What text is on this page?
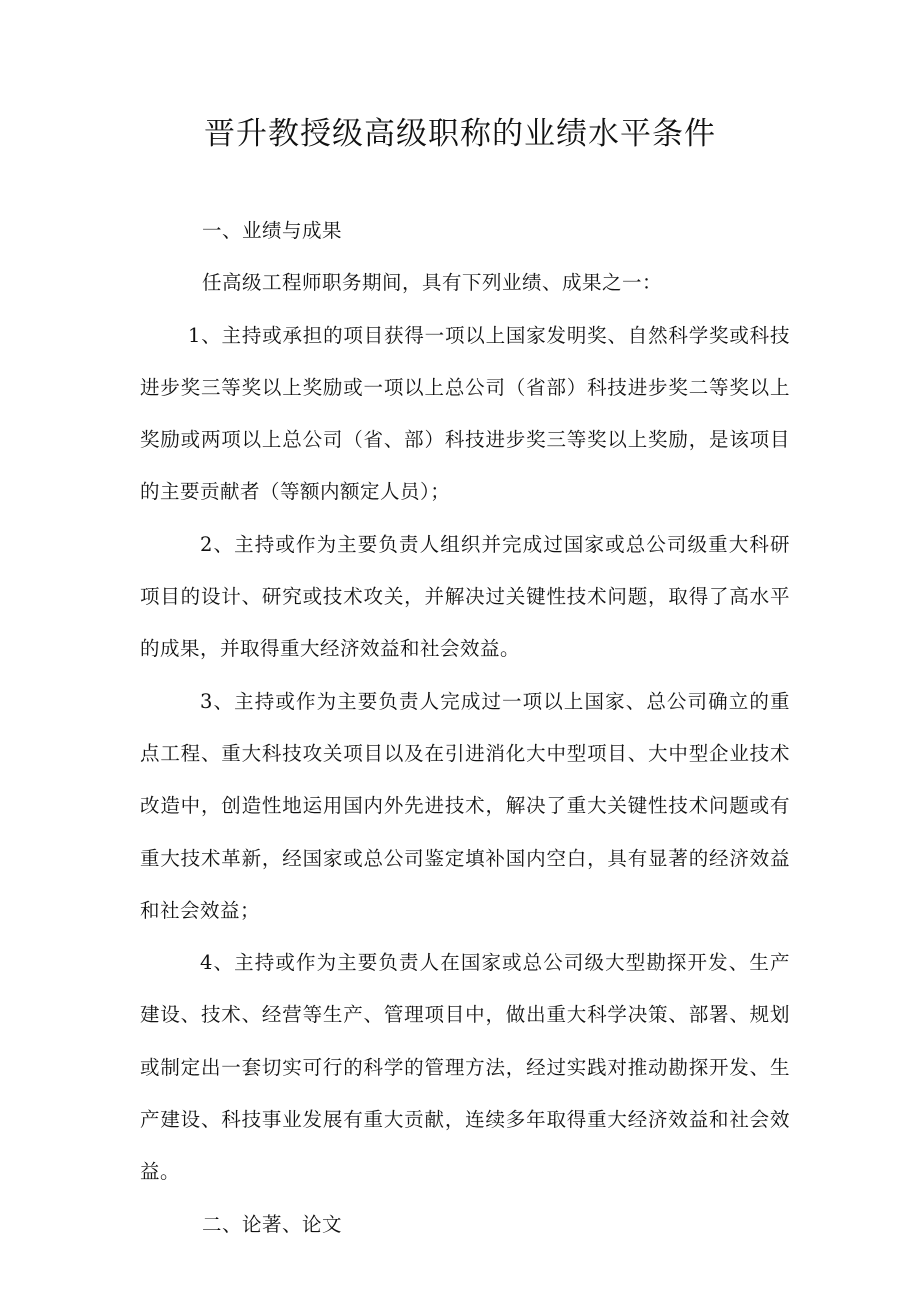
晋升教授级高级职称的业绩水平条件

一、业绩与成果

任高级工程师职务期间，具有下列业绩、成果之一：

1、主持或承担的项目获得一项以上国家发明奖、自然科学奖或科技进步奖三等奖以上奖励或一项以上总公司（省部）科技进步奖二等奖以上奖励或两项以上总公司（省、部）科技进步奖三等奖以上奖励，是该项目的主要贡献者（等额内额定人员）；

2、主持或作为主要负责人组织并完成过国家或总公司级重大科研项目的设计、研究或技术攻关，并解决过关键性技术问题，取得了高水平的成果，并取得重大经济效益和社会效益。

3、主持或作为主要负责人完成过一项以上国家、总公司确立的重点工程、重大科技攻关项目以及在引进消化大中型项目、大中型企业技术改造中，创造性地运用国内外先进技术，解决了重大关键性技术问题或有重大技术革新，经国家或总公司鉴定填补国内空白，具有显著的经济效益和社会效益；

4、主持或作为主要负责人在国家或总公司级大型勘探开发、生产建设、技术、经营等生产、管理项目中，做出重大科学决策、部署、规划或制定出一套切实可行的科学的管理方法，经过实践对推动勘探开发、生产建设、科技事业发展有重大贡献，连续多年取得重大经济效益和社会效益。

二、论著、论文
